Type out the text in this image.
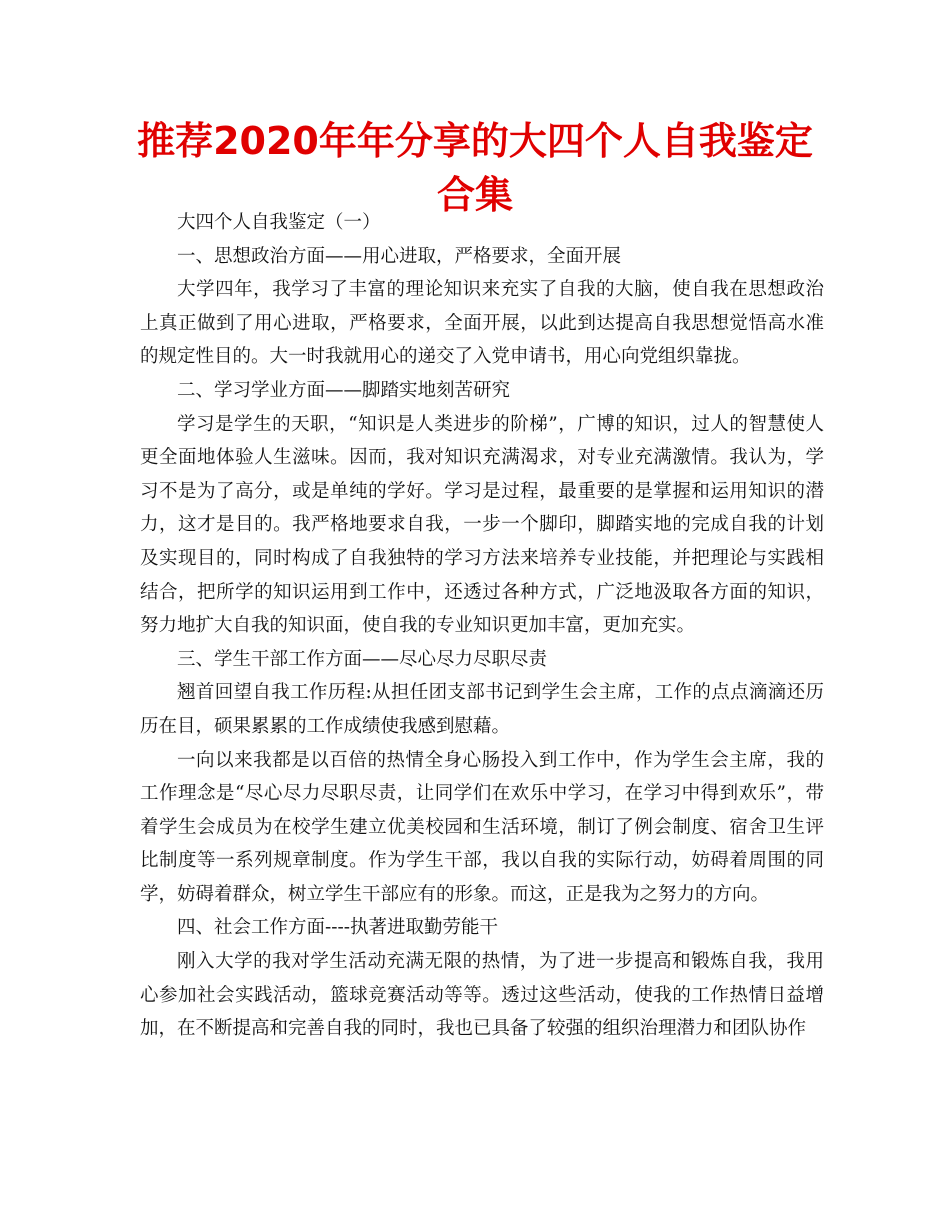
推荐2020年年分享的大四个人自我鉴定合集

大四个人自我鉴定（一）

一、思想政治方面——用心进取，严格要求，全面开展

大学四年，我学习了丰富的理论知识来充实了自我的大脑，使自我在思想政治上真正做到了用心进取，严格要求，全面开展，以此到达提高自我思想觉悟高水准的规定性目的。大一时我就用心的递交了入党申请书，用心向党组织靠拢。

二、学习学业方面——脚踏实地刻苦研究

学习是学生的天职，“知识是人类进步的阶梯”，广博的知识，过人的智慧使人更全面地体验人生滋味。因而，我对知识充满渴求，对专业充满激情。我认为，学习不是为了高分，或是单纯的学好。学习是过程，最重要的是掌握和运用知识的潜力，这才是目的。我严格地要求自我，一步一个脚印，脚踏实地的完成自我的计划及实现目的，同时构成了自我独特的学习方法来培养专业技能，并把理论与实践相结合，把所学的知识运用到工作中，还透过各种方式，广泛地汲取各方面的知识，努力地扩大自我的知识面，使自我的专业知识更加丰富，更加充实。

三、学生干部工作方面——尽心尽力尽职尽责

翘首回望自我工作历程:从担任团支部书记到学生会主席，工作的点点滴滴还历历在目，硕果累累的工作成绩使我感到慰藉。

一向以来我都是以百倍的热情全身心肠投入到工作中，作为学生会主席，我的工作理念是“尽心尽力尽职尽责，让同学们在欢乐中学习，在学习中得到欢乐”，带着学生会成员为在校学生建立优美校园和生活环境，制订了例会制度、宿舍卫生评比制度等一系列规章制度。作为学生干部，我以自我的实际行动，妨碍着周围的同学，妨碍着群众，树立学生干部应有的形象。而这，正是我为之努力的方向。

四、社会工作方面----执著进取勤劳能干

刚入大学的我对学生活动充满无限的热情，为了进一步提高和锻炼自我，我用心参加社会实践活动，篮球竞赛活动等等。透过这些活动，使我的工作热情日益增加，在不断提高和完善自我的同时，我也已具备了较强的组织治理潜力和团队协作
